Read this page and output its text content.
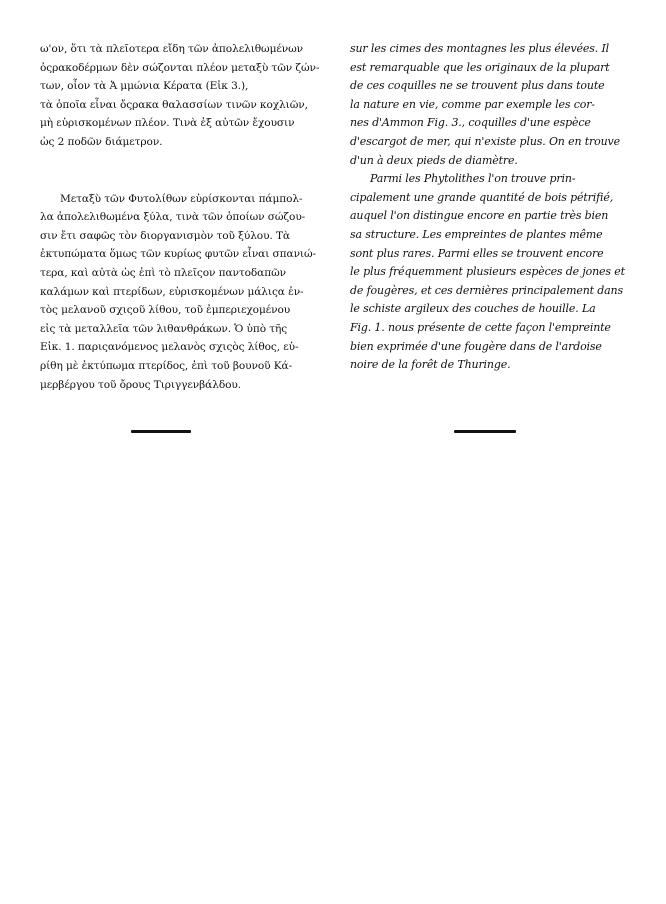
ω'ον, ὅτι τὰ πλεῖοτερα εἴδη τῶν ἀπολελιθωμένων
ὀςρακοδέρμων δὲν σώζονται πλέον μεταξὺ τῶν ζών-
των, οἷον τὰ Ἀ μμώνια Κέρατα (Εἰκ 3.),
τὰ ὁποῖα εἶναι ὄςρακα θαλασσίων τινῶν κοχλιῶν,
μὴ εὑρισκομένων πλέον. Τινὰ ἐξ αὐτῶν ἔχουσιν
ὡς 2 ποδῶν διάμετρον.

Μεταξὺ τῶν Φυτολίθων εὑρίσκονται πάμπολ-
λα ἀπολελιθωμένα ξύλα, τινὰ τῶν ὁποίων σώζου-
σιν ἔτι σαφῶς τὸν διοργανισμὸν τοῦ ξύλου. Τὰ
ἐκτυπώματα ὅμως τῶν κυρίως φυτῶν εἶναι σπανιώ-
τερα, καὶ αὐτὰ ὡς ἐπὶ τὸ πλεῖςον παντοδαπῶν
καλάμων καὶ πτερίδων, εὑρισκομένων μάλιςα ἐν-
τὸς μελανοῦ σχιςοῦ λίθου, τοῦ ἐμπεριεχομένου
εἰς τὰ μεταλλεῖα τῶν λιθανθράκων. Ὁ ὑπὸ τῆς
Εἰκ. 1. παριςανόμενος μελανὸς σχιςὸς λίθος, εὑ-
ρίθη μὲ ἐκτύπωμα πτερίδος, ἐπὶ τοῦ βουνοῦ Κά-
μερβέργου τοῦ ὄρους Τιριγγενβάλδου.

sur les cimes des montagnes les plus élevées. Il
est remarquable que les originaux de la plupart
de ces coquilles ne se trouvent plus dans toute
la nature en vie, comme par exemple les cor-
nes d'Ammon Fig. 3., coquilles d'une espèce
d'escargot de mer, qui n'existe plus. On en trouve
d'un à deux pieds de diamètre.

Parmi les Phytolithes l'on trouve prin-
cipalement une grande quantité de bois pétrifié,
auquel l'on distingue encore en partie très bien
sa structure. Les empreintes de plantes même
sont plus rares. Parmi elles se trouvent encore
le plus fréquemment plusieurs espèces de jones et
de fougères, et ces dernières principalement dans
le schiste argileux des couches de houille. La
Fig. 1. nous présente de cette façon l'empreinte
bien exprimée d'une fougère dans de l'ardoise
noire de la forêt de Thuringe.
